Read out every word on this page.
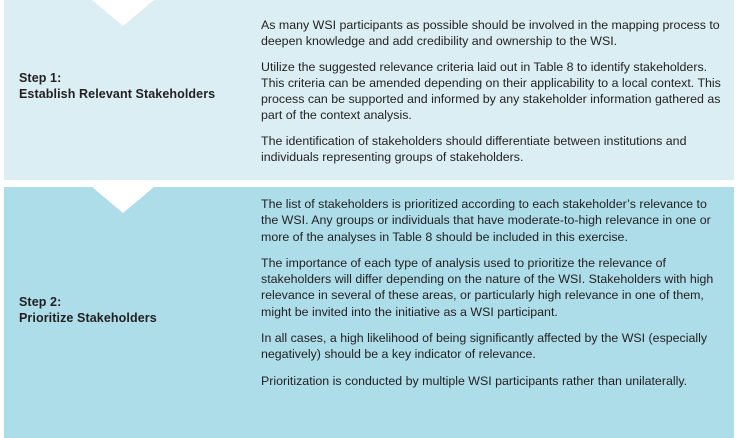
Step 1:
Establish Relevant Stakeholders

As many WSI participants as possible should be involved in the mapping process to deepen knowledge and add credibility and ownership to the WSI.

Utilize the suggested relevance criteria laid out in Table 8 to identify stakeholders. This criteria can be amended depending on their applicability to a local context. This process can be supported and informed by any stakeholder information gathered as part of the context analysis.

The identification of stakeholders should differentiate between institutions and individuals representing groups of stakeholders.

Step 2:
Prioritize Stakeholders

The list of stakeholders is prioritized according to each stakeholder’s relevance to the WSI. Any groups or individuals that have moderate-to-high relevance in one or more of the analyses in Table 8 should be included in this exercise.

The importance of each type of analysis used to prioritize the relevance of stakeholders will differ depending on the nature of the WSI. Stakeholders with high relevance in several of these areas, or particularly high relevance in one of them, might be invited into the initiative as a WSI participant.

In all cases, a high likelihood of being significantly affected by the WSI (especially negatively) should be a key indicator of relevance.

Prioritization is conducted by multiple WSI participants rather than unilaterally.
